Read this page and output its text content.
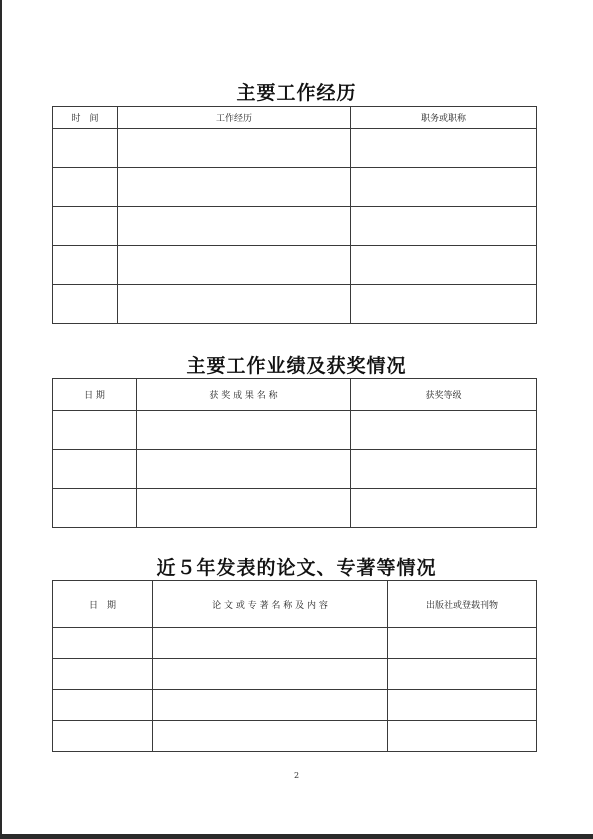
主要工作经历
时　间	工作经历	职务或职称

主要工作业绩及获奖情况
日 期	获 奖 成 果 名 称	获奖等级

近５年发表的论文、专著等情况
日　期	论 文 或 专 著 名 称 及 内 容	出版社或登载刊物

2
